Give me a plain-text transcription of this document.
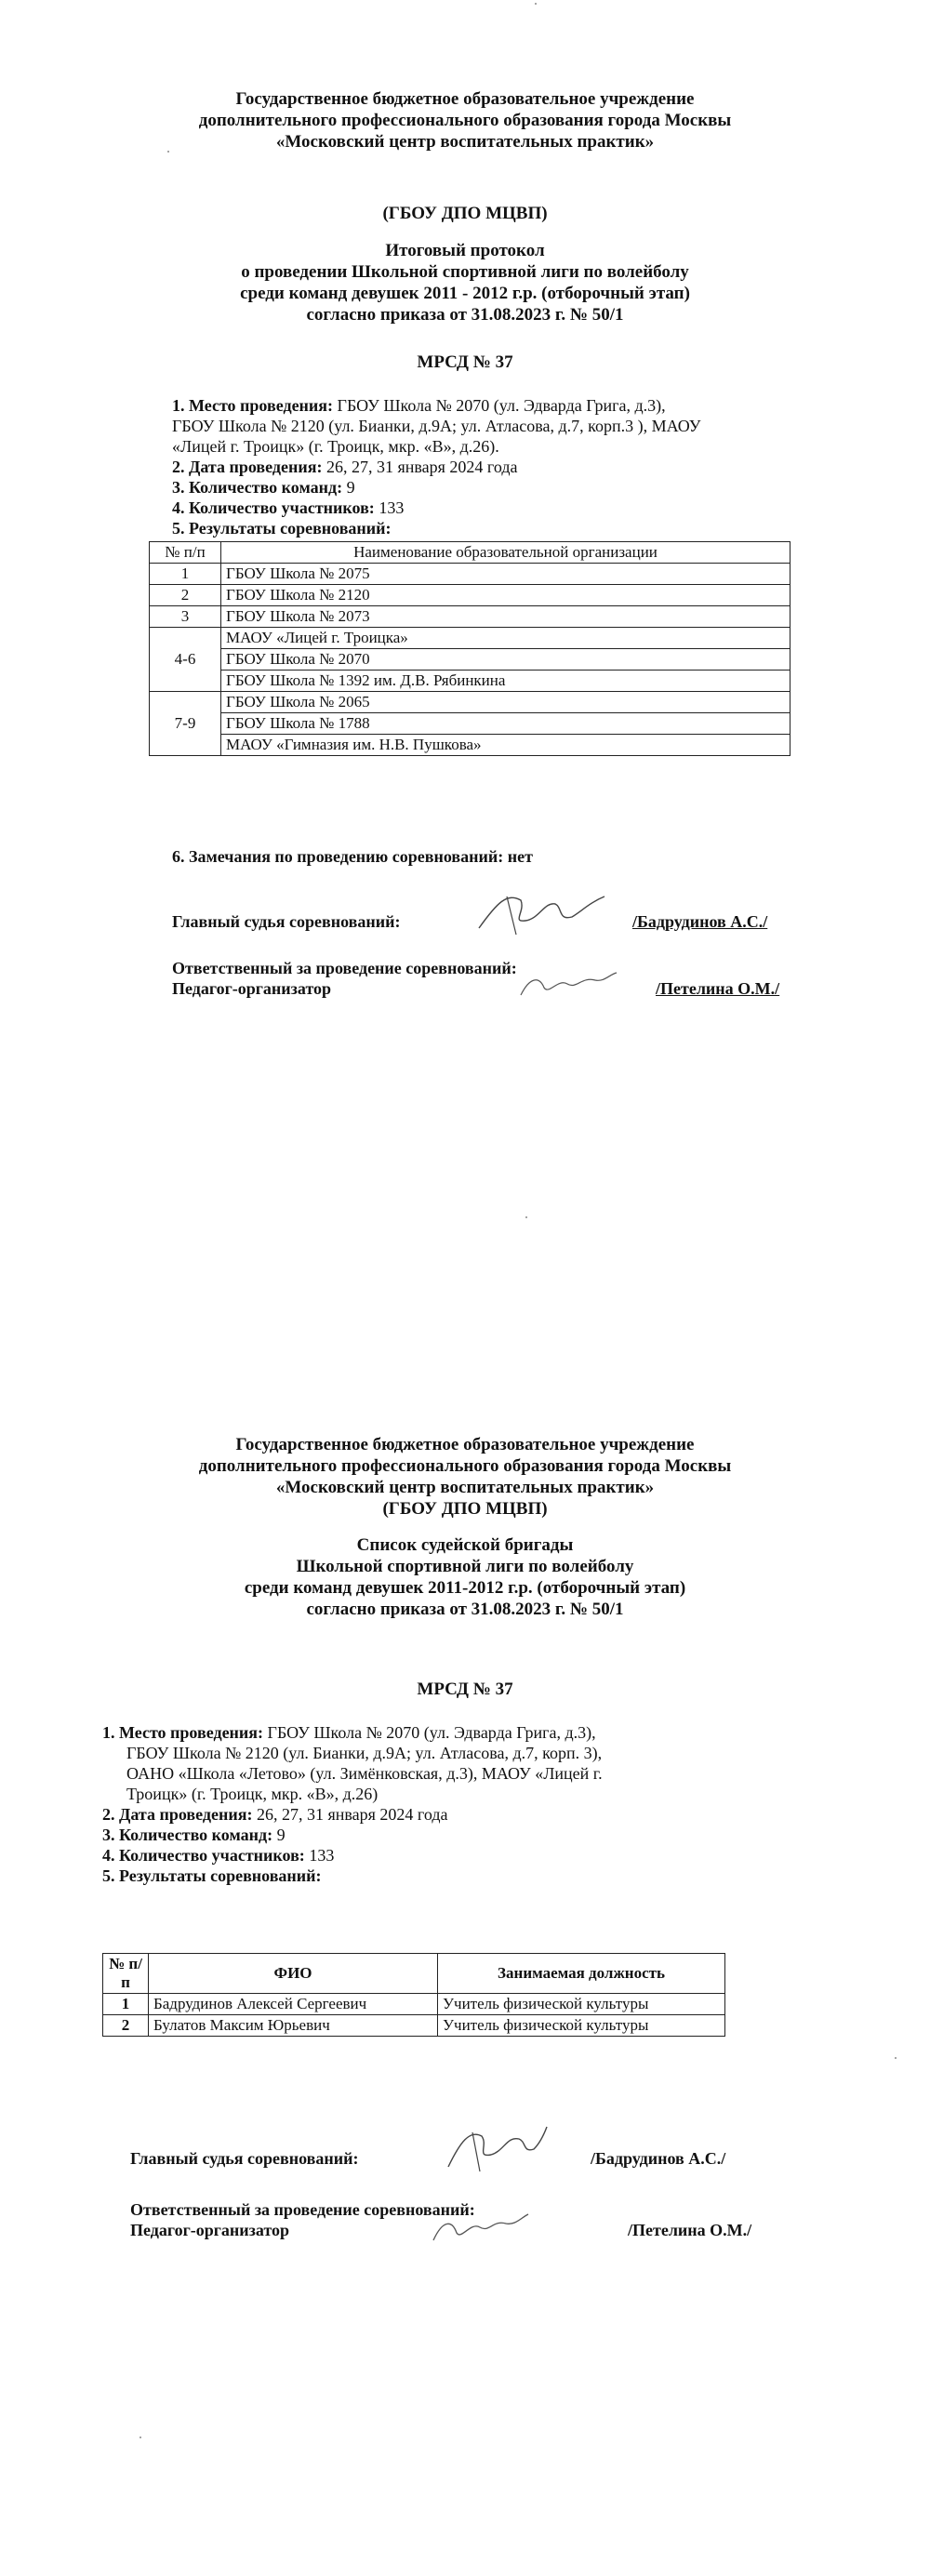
Государственное бюджетное образовательное учреждение
дополнительного профессионального образования города Москвы
«Московский центр воспитательных практик»
(ГБОУ ДПО МЦВП)
Итоговый протокол
о проведении Школьной спортивной лиги по волейболу
среди команд девушек 2011 - 2012 г.р. (отборочный этап)
согласно приказа от 31.08.2023 г. № 50/1
МРСД № 37
1. Место проведения: ГБОУ Школа № 2070 (ул. Эдварда Грига, д.3),
ГБОУ Школа № 2120 (ул. Бианки, д.9А; ул. Атласова, д.7, корп.3 ), МАОУ
«Лицей г. Троицк» (г. Троицк, мкр. «В», д.26).
2. Дата проведения: 26, 27, 31 января 2024 года
3. Количество команд: 9
4. Количество участников: 133
5. Результаты соревнований:
№ п/п	Наименование образовательной организации
1	ГБОУ Школа № 2075
2	ГБОУ Школа № 2120
3	ГБОУ Школа № 2073
4-6	МАОУ «Лицей г. Троицка»
	ГБОУ Школа № 2070
	ГБОУ Школа № 1392 им. Д.В. Рябинкина
7-9	ГБОУ Школа № 2065
	ГБОУ Школа № 1788
	МАОУ «Гимназия им. Н.В. Пушкова»
6. Замечания по проведению соревнований: нет
Главный судья соревнований:	/Бадрудинов А.С./
Ответственный за проведение соревнований:
Педагог-организатор	/Петелина О.М./
Государственное бюджетное образовательное учреждение
дополнительного профессионального образования города Москвы
«Московский центр воспитательных практик»
(ГБОУ ДПО МЦВП)
Список судейской бригады
Школьной спортивной лиги по волейболу
среди команд девушек 2011-2012 г.р. (отборочный этап)
согласно приказа от 31.08.2023 г. № 50/1
МРСД № 37
1. Место проведения: ГБОУ Школа № 2070 (ул. Эдварда Грига, д.3),
ГБОУ Школа № 2120 (ул. Бианки, д.9А; ул. Атласова, д.7, корп. 3),
ОАНО «Школа «Летово» (ул. Зимёнковская, д.3), МАОУ «Лицей г.
Троицк» (г. Троицк, мкр. «В», д.26)
2. Дата проведения: 26, 27, 31 января 2024 года
3. Количество команд: 9
4. Количество участников: 133
5. Результаты соревнований:
№ п/п	ФИО	Занимаемая должность
1	Бадрудинов Алексей Сергеевич	Учитель физической культуры
2	Булатов Максим Юрьевич	Учитель физической культуры
Главный судья соревнований:	/Бадрудинов А.С./
Ответственный за проведение соревнований:
Педагог-организатор	/Петелина О.М./
